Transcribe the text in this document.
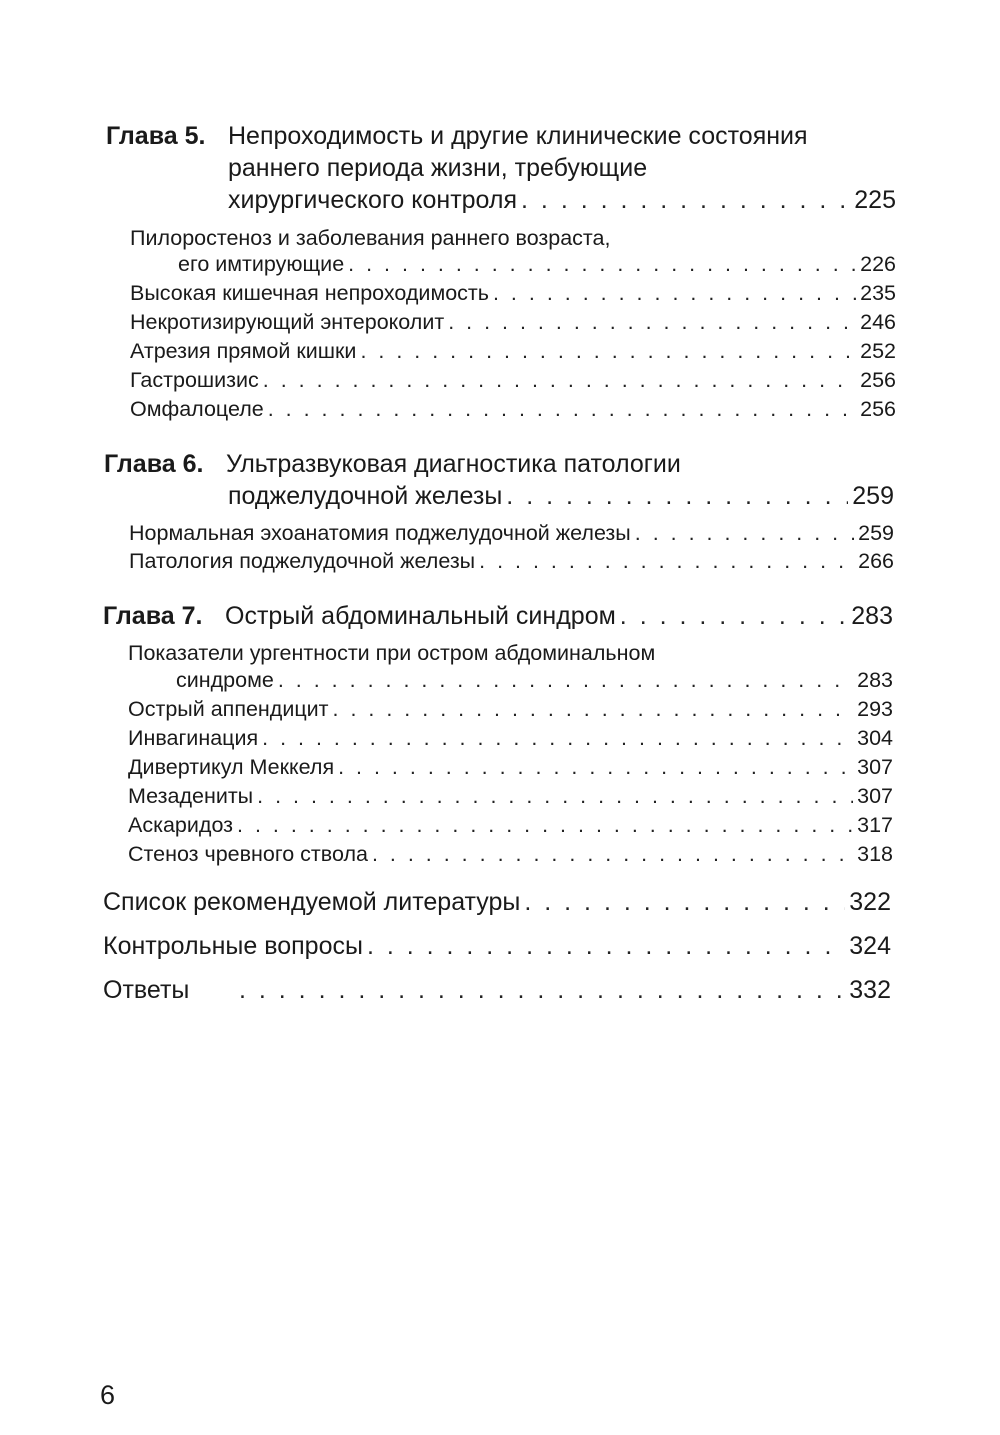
Глава 5. Непроходимость и другие клинические состояния
раннего периода жизни, требующие
хирургического контроля . . .	225
Пилоростеноз и заболевания раннего возраста,
его имтирующие . . .	226
Высокая кишечная непроходимость . . .	235
Некротизирующий энтероколит . . .	246
Атрезия прямой кишки . . .	252
Гастрошизис . . .	256
Омфалоцеле . . .	256
Глава 6. Ультразвуковая диагностика патологии
поджелудочной железы . . .	259
Нормальная эхоанатомия поджелудочной железы . . .	259
Патология поджелудочной железы . . .	266
Глава 7. Острый абдоминальный синдром . . .	283
Показатели ургентности при остром абдоминальном
синдроме . . .	283
Острый аппендицит . . .	293
Инвагинация . . .	304
Дивертикул Меккеля . . .	307
Мезадениты . . .	307
Аскаридоз . . .	317
Стеноз чревного ствола . . .	318
Список рекомендуемой литературы . . .	322
Контрольные вопросы . . .	324
Ответы . . .	332
6
